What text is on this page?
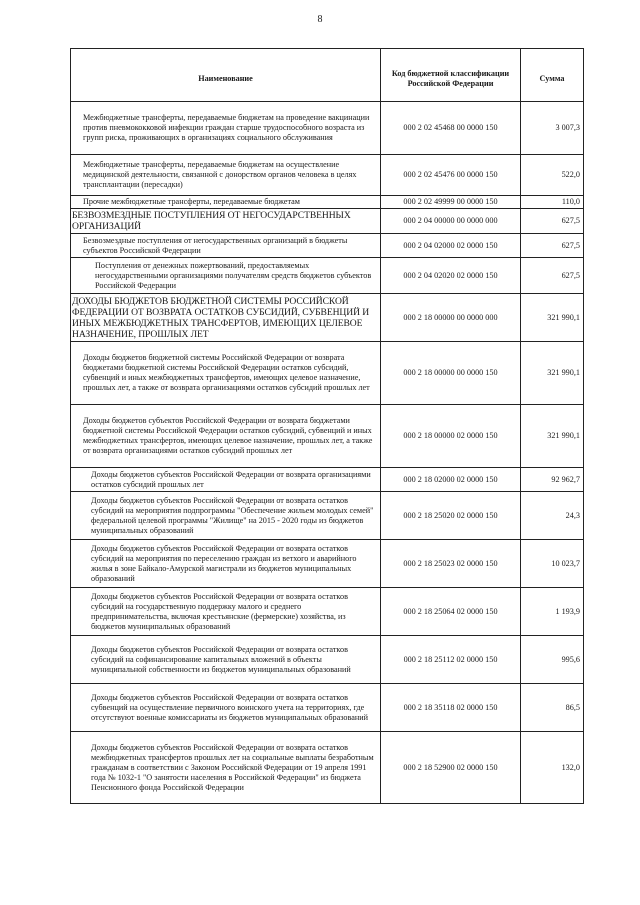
8
Наименование	Код бюджетной классификации Российской Федерации	Сумма
Межбюджетные трансферты, передаваемые бюджетам на проведение вакцинации против пневмококковой инфекции граждан старше трудоспособного возраста из групп риска, проживающих в организациях социального обслуживания	000 2 02 45468 00 0000 150	3 007,3
Межбюджетные трансферты, передаваемые бюджетам на осуществление медицинской деятельности, связанной с донорством органов человека в целях трансплантации (пересадки)	000 2 02 45476 00 0000 150	522,0
Прочие межбюджетные трансферты, передаваемые бюджетам	000 2 02 49999 00 0000 150	110,0
БЕЗВОЗМЕЗДНЫЕ ПОСТУПЛЕНИЯ ОТ НЕГОСУДАРСТВЕННЫХ ОРГАНИЗАЦИЙ	000 2 04 00000 00 0000 000	627,5
Безвозмездные поступления от негосударственных организаций в бюджеты субъектов Российской Федерации	000 2 04 02000 02 0000 150	627,5
Поступления от денежных пожертвований, предоставляемых негосударственными организациями получателям средств бюджетов субъектов Российской Федерации	000 2 04 02020 02 0000 150	627,5
ДОХОДЫ БЮДЖЕТОВ БЮДЖЕТНОЙ СИСТЕМЫ РОССИЙСКОЙ ФЕДЕРАЦИИ ОТ ВОЗВРАТА ОСТАТКОВ СУБСИДИЙ, СУБВЕНЦИЙ И ИНЫХ МЕЖБЮДЖЕТНЫХ ТРАНСФЕРТОВ, ИМЕЮЩИХ ЦЕЛЕВОЕ НАЗНАЧЕНИЕ, ПРОШЛЫХ ЛЕТ	000 2 18 00000 00 0000 000	321 990,1
Доходы бюджетов бюджетной системы Российской Федерации от возврата бюджетами бюджетной системы Российской Федерации остатков субсидий, субвенций и иных межбюджетных трансфертов, имеющих целевое назначение, прошлых лет, а также от возврата организациями остатков субсидий прошлых лет	000 2 18 00000 00 0000 150	321 990,1
Доходы бюджетов субъектов Российской Федерации от возврата бюджетами бюджетной системы Российской Федерации остатков субсидий, субвенций и иных межбюджетных трансфертов, имеющих целевое назначение, прошлых лет, а также от возврата организациями остатков субсидий прошлых лет	000 2 18 00000 02 0000 150	321 990,1
Доходы бюджетов субъектов Российской Федерации от возврата организациями остатков субсидий прошлых лет	000 2 18 02000 02 0000 150	92 962,7
Доходы бюджетов субъектов Российской Федерации от возврата остатков субсидий на мероприятия подпрограммы "Обеспечение жильем молодых семей" федеральной целевой программы "Жилище" на 2015 - 2020 годы из бюджетов муниципальных образований	000 2 18 25020 02 0000 150	24,3
Доходы бюджетов субъектов Российской Федерации от возврата остатков субсидий на мероприятия по переселению граждан из ветхого и аварийного жилья в зоне Байкало-Амурской магистрали из бюджетов муниципальных образований	000 2 18 25023 02 0000 150	10 023,7
Доходы бюджетов субъектов Российской Федерации от возврата остатков субсидий на государственную поддержку малого и среднего предпринимательства, включая крестьянские (фермерские) хозяйства, из бюджетов муниципальных образований	000 2 18 25064 02 0000 150	1 193,9
Доходы бюджетов субъектов Российской Федерации от возврата остатков субсидий на софинансирование капитальных вложений в объекты муниципальной собственности из бюджетов муниципальных образований	000 2 18 25112 02 0000 150	995,6
Доходы бюджетов субъектов Российской Федерации от возврата остатков субвенций на осуществление первичного воинского учета на территориях, где отсутствуют военные комиссариаты из бюджетов муниципальных образований	000 2 18 35118 02 0000 150	86,5
Доходы бюджетов субъектов Российской Федерации от возврата остатков межбюджетных трансфертов прошлых лет на социальные выплаты безработным гражданам в соответствии с Законом Российской Федерации от 19 апреля 1991 года № 1032-1 "О занятости населения в Российской Федерации" из бюджета Пенсионного фонда Российской Федерации	000 2 18 52900 02 0000 150	132,0
